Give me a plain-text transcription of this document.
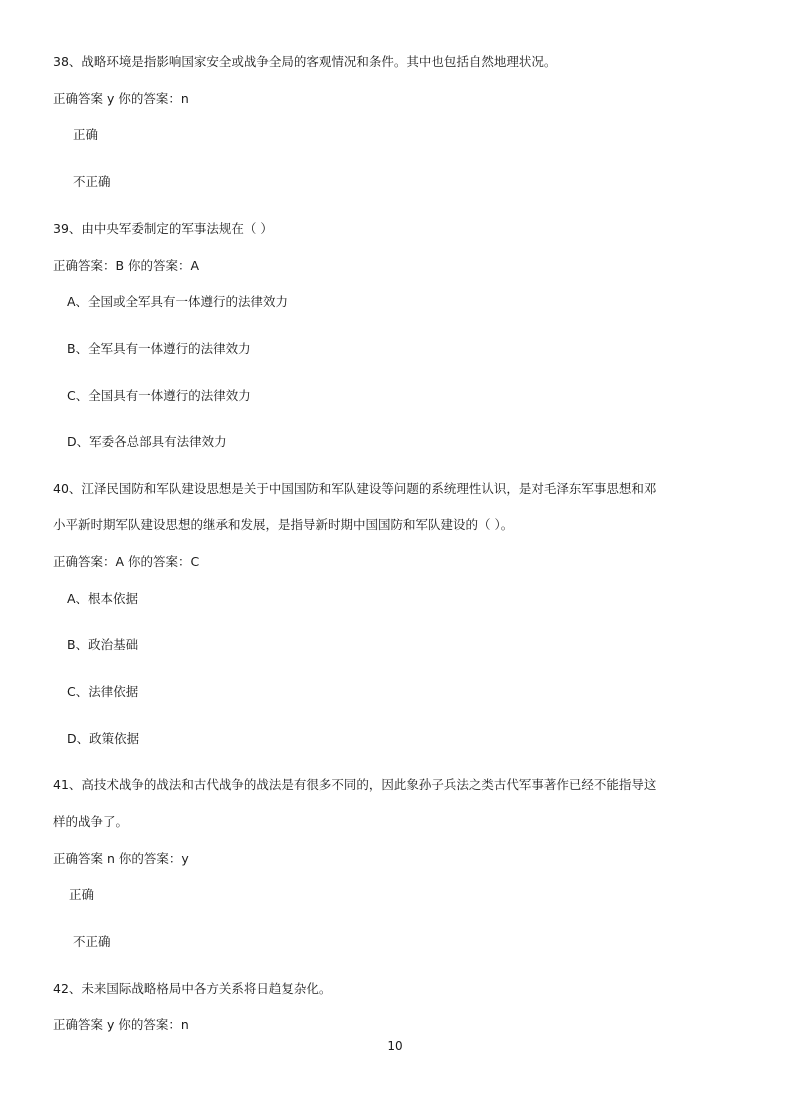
38、战略环境是指影响国家安全或战争全局的客观情况和条件。其中也包括自然地理状况。
正确答案 y 你的答案：n
正确
不正确
39、由中央军委制定的军事法规在（ ）
正确答案：B 你的答案：A
A、全国或全军具有一体遵行的法律效力
B、全军具有一体遵行的法律效力
C、全国具有一体遵行的法律效力
D、军委各总部具有法律效力
40、江泽民国防和军队建设思想是关于中国国防和军队建设等问题的系统理性认识，是对毛泽东军事思想和邓
小平新时期军队建设思想的继承和发展，是指导新时期中国国防和军队建设的（ ）。
正确答案：A 你的答案：C
A、根本依据
B、政治基础
C、法律依据
D、政策依据
41、高技术战争的战法和古代战争的战法是有很多不同的，因此象孙子兵法之类古代军事著作已经不能指导这
样的战争了。
正确答案 n 你的答案：y
正确
不正确
42、未来国际战略格局中各方关系将日趋复杂化。
正确答案 y 你的答案：n
10
